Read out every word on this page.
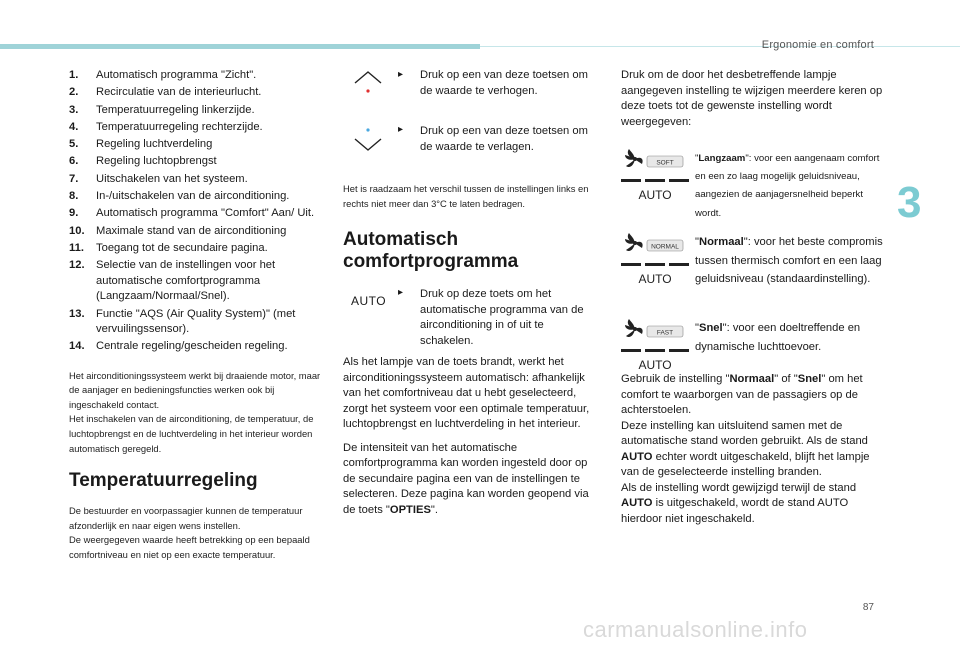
Ergonomie en comfort
3
1.	Automatisch programma "Zicht".
2.	Recirculatie van de interieurlucht.
3.	Temperatuurregeling linkerzijde.
4.	Temperatuurregeling rechterzijde.
5.	Regeling luchtverdeling
6.	Regeling luchtopbrengst
7.	Uitschakelen van het systeem.
8.	In-/uitschakelen van de airconditioning.
9.	Automatisch programma "Comfort" Aan/ Uit.
10.	Maximale stand van de airconditioning
11.	Toegang tot de secundaire pagina.
12.	Selectie van de instellingen voor het automatische comfortprogramma (Langzaam/Normaal/Snel).
13.	Functie "AQS (Air Quality System)" (met vervuilingssensor).
14.	Centrale regeling/gescheiden regeling.

Het airconditioningssysteem werkt bij draaiende motor, maar de aanjager en bedieningsfuncties werken ook bij ingeschakeld contact.

Het inschakelen van de airconditioning, de temperatuur, de luchtopbrengst en de luchtverdeling in het interieur worden automatisch geregeld.

Temperatuurregeling

De bestuurder en voorpassagier kunnen de temperatuur afzonderlijk en naar eigen wens instellen.

De weergegeven waarde heeft betrekking op een bepaald comfortniveau en niet op een exacte temperatuur.

▸ Druk op een van deze toetsen om de waarde te verhogen.
▸ Druk op een van deze toetsen om de waarde te verlagen.

Het is raadzaam het verschil tussen de instellingen links en rechts niet meer dan 3°C te laten bedragen.

Automatisch comfortprogramma
AUTO
▸ Druk op deze toets om het automatische programma van de airconditioning in of uit te schakelen.

Als het lampje van de toets brandt, werkt het airconditioningssysteem automatisch: afhankelijk van het comfortniveau dat u hebt geselecteerd, zorgt het systeem voor een optimale temperatuur, luchtopbrengst en luchtverdeling in het interieur.

De intensiteit van het automatische comfortprogramma kan worden ingesteld door op de secundaire pagina een van de instellingen te selecteren. Deze pagina kan worden geopend via de toets "OPTIES".

Druk om de door het desbetreffende lampje aangegeven instelling te wijzigen meerdere keren op deze toets tot de gewenste instelling wordt weergegeven:

SOFT
AUTO
"Langzaam": voor een aangenaam comfort en een zo laag mogelijk geluidsniveau, aangezien de aanjagersnelheid beperkt wordt.
NORMAL
AUTO
"Normaal": voor het beste compromis tussen thermisch comfort en een laag geluidsniveau (standaardinstelling).
FAST
AUTO
"Snel": voor een doeltreffende en dynamische luchttoevoer.

Gebruik de instelling "Normaal" of "Snel" om het comfort te waarborgen van de passagiers op de achterstoelen.

Deze instelling kan uitsluitend samen met de automatische stand worden gebruikt. Als de stand AUTO echter wordt uitgeschakeld, blijft het lampje van de geselecteerde instelling branden.

Als de instelling wordt gewijzigd terwijl de stand AUTO is uitgeschakeld, wordt de stand AUTO hierdoor niet ingeschakeld.

87
carmanualsonline.info
